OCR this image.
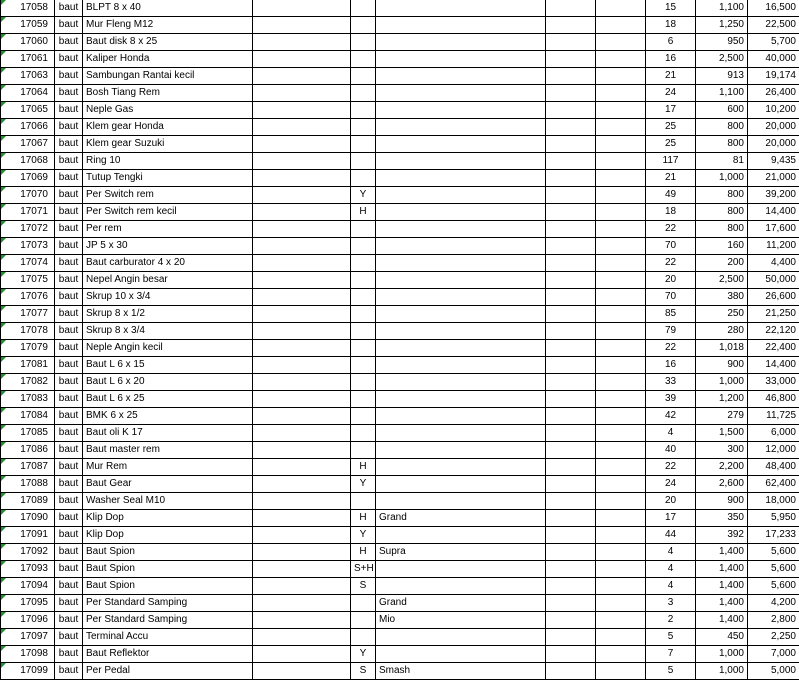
17058	baut	BLPT 8 x 40						15	1,100	16,500
17059	baut	Mur Fleng M12						18	1,250	22,500
17060	baut	Baut disk 8 x 25						6	950	5,700
17061	baut	Kaliper Honda						16	2,500	40,000
17063	baut	Sambungan Rantai kecil						21	913	19,174
17064	baut	Bosh Tiang Rem						24	1,100	26,400
17065	baut	Neple Gas						17	600	10,200
17066	baut	Klem gear Honda						25	800	20,000
17067	baut	Klem gear Suzuki						25	800	20,000
17068	baut	Ring 10						117	81	9,435
17069	baut	Tutup Tengki						21	1,000	21,000
17070	baut	Per Switch rem		Y				49	800	39,200
17071	baut	Per Switch rem kecil		H				18	800	14,400
17072	baut	Per rem						22	800	17,600
17073	baut	JP 5 x 30						70	160	11,200
17074	baut	Baut carburator 4 x 20						22	200	4,400
17075	baut	Nepel Angin besar						20	2,500	50,000
17076	baut	Skrup 10 x 3/4						70	380	26,600
17077	baut	Skrup 8 x 1/2						85	250	21,250
17078	baut	Skrup 8 x 3/4						79	280	22,120
17079	baut	Neple Angin kecil						22	1,018	22,400
17081	baut	Baut L 6 x 15						16	900	14,400
17082	baut	Baut L 6 x 20						33	1,000	33,000
17083	baut	Baut L 6 x 25						39	1,200	46,800
17084	baut	BMK 6 x 25						42	279	11,725
17085	baut	Baut oli K 17						4	1,500	6,000
17086	baut	Baut master rem						40	300	12,000
17087	baut	Mur Rem		H				22	2,200	48,400
17088	baut	Baut Gear		Y				24	2,600	62,400
17089	baut	Washer Seal M10						20	900	18,000
17090	baut	Klip Dop		H	Grand			17	350	5,950
17091	baut	Klip Dop		Y				44	392	17,233
17092	baut	Baut Spion		H	Supra			4	1,400	5,600
17093	baut	Baut Spion		S+H				4	1,400	5,600
17094	baut	Baut Spion		S				4	1,400	5,600
17095	baut	Per Standard Samping			Grand			3	1,400	4,200
17096	baut	Per Standard Samping			Mio			2	1,400	2,800
17097	baut	Terminal Accu						5	450	2,250
17098	baut	Baut Reflektor		Y				7	1,000	7,000
17099	baut	Per Pedal		S	Smash			5	1,000	5,000
